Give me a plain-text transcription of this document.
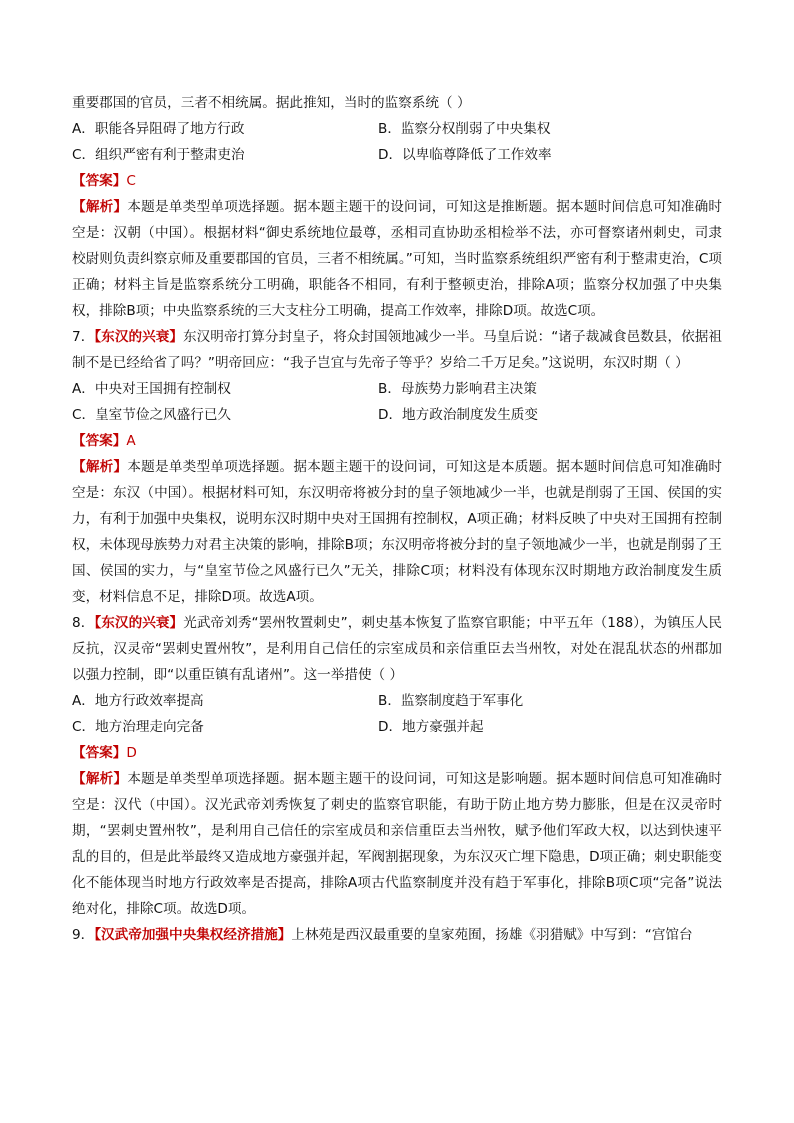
重要郡国的官员，三者不相统属。据此推知，当时的监察系统（ ）

A．职能各异阻碍了地方行政	B．监察分权削弱了中央集权
C．组织严密有利于整肃吏治	D．以卑临尊降低了工作效率

【答案】C

【解析】本题是单类型单项选择题。据本题主题干的设问词，可知这是推断题。据本题时间信息可知准确时空是：汉朝（中国）。根据材料“御史系统地位最尊，丞相司直协助丞相检举不法，亦可督察诸州刺史，司隶校尉则负责纠察京师及重要郡国的官员，三者不相统属。”可知，当时监察系统组织严密有利于整肃吏治，C项正确；材料主旨是监察系统分工明确，职能各不相同，有利于整顿吏治，排除A项；监察分权加强了中央集权，排除B项；中央监察系统的三大支柱分工明确，提高工作效率，排除D项。故选C项。

7．【东汉的兴衰】东汉明帝打算分封皇子，将众封国领地减少一半。马皇后说：“诸子裁减食邑数县，依据祖制不是已经给省了吗？”明帝回应：“我子岂宜与先帝子等乎？岁给二千万足矣。”这说明，东汉时期（ ）

A．中央对王国拥有控制权	B．母族势力影响君主决策
C．皇室节俭之风盛行已久	D．地方政治制度发生质变

【答案】A

【解析】本题是单类型单项选择题。据本题主题干的设问词，可知这是本质题。据本题时间信息可知准确时空是：东汉（中国）。根据材料可知，东汉明帝将被分封的皇子领地减少一半，也就是削弱了王国、侯国的实力，有利于加强中央集权，说明东汉时期中央对王国拥有控制权，A项正确；材料反映了中央对王国拥有控制权，未体现母族势力对君主决策的影响，排除B项；东汉明帝将被分封的皇子领地减少一半，也就是削弱了王国、侯国的实力，与“皇室节俭之风盛行已久”无关，排除C项；材料没有体现东汉时期地方政治制度发生质变，材料信息不足，排除D项。故选A项。

8．【东汉的兴衰】光武帝刘秀“罢州牧置刺史”，刺史基本恢复了监察官职能；中平五年（188），为镇压人民反抗，汉灵帝“罢刺史置州牧”，是利用自己信任的宗室成员和亲信重臣去当州牧，对处在混乱状态的州郡加以强力控制，即“以重臣镇有乱诸州”。这一举措使（ ）

A．地方行政效率提高	B．监察制度趋于军事化
C．地方治理走向完备	D．地方豪强并起

【答案】D

【解析】本题是单类型单项选择题。据本题主题干的设问词，可知这是影响题。据本题时间信息可知准确时空是：汉代（中国）。汉光武帝刘秀恢复了刺史的监察官职能，有助于防止地方势力膨胀，但是在汉灵帝时期，“罢刺史置州牧”，是利用自己信任的宗室成员和亲信重臣去当州牧，赋予他们军政大权，以达到快速平乱的目的，但是此举最终又造成地方豪强并起，军阀割据现象，为东汉灭亡埋下隐患，D项正确；刺史职能变化不能体现当时地方行政效率是否提高，排除A项古代监察制度并没有趋于军事化，排除B项C项“完备”说法绝对化，排除C项。故选D项。

9．【汉武帝加强中央集权经济措施】上林苑是西汉最重要的皇家苑囿，扬雄《羽猎赋》中写到：“宫馆台
